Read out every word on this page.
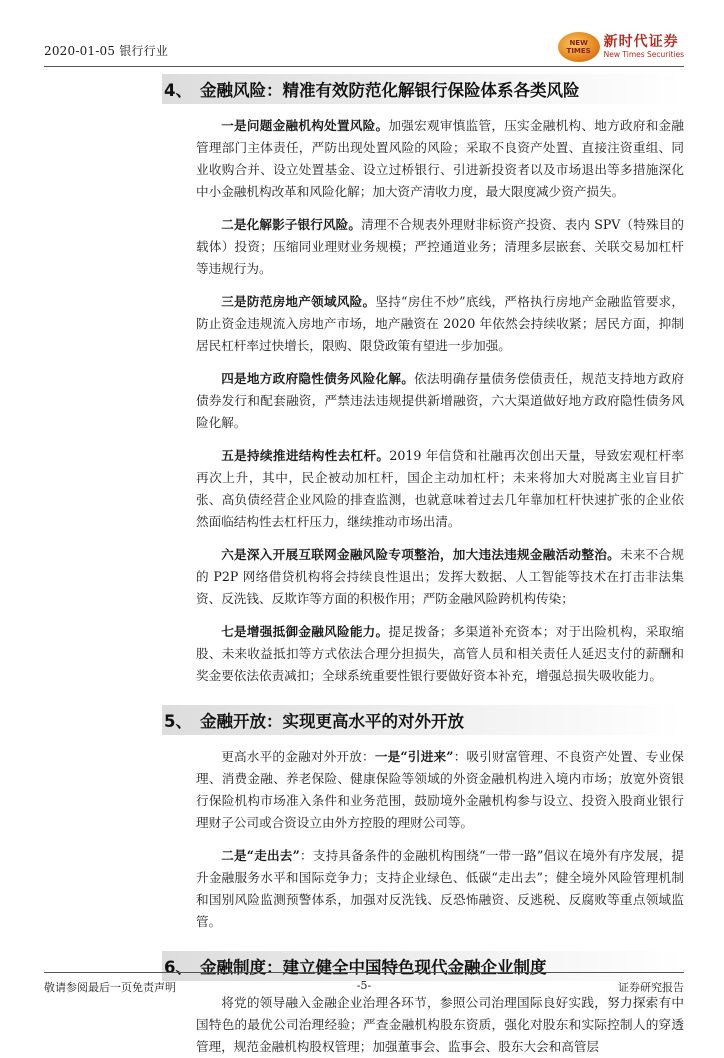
2020-01-05 银行行业
NEW
TIMES
新时代证券
New Times Securities
4、 金融风险：精准有效防范化解银行保险体系各类风险

一是问题金融机构处置风险。加强宏观审慎监管，压实金融机构、地方政府和金融管理部门主体责任，严防出现处置风险的风险；采取不良资产处置、直接注资重组、同业收购合并、设立处置基金、设立过桥银行、引进新投资者以及市场退出等多措施深化中小金融机构改革和风险化解；加大资产清收力度，最大限度减少资产损失。

二是化解影子银行风险。清理不合规表外理财非标资产投资、表内 SPV（特殊目的载体）投资；压缩同业理财业务规模；严控通道业务；清理多层嵌套、关联交易加杠杆等违规行为。

三是防范房地产领域风险。坚持“房住不炒”底线，严格执行房地产金融监管要求，防止资金违规流入房地产市场，地产融资在 2020 年依然会持续收紧；居民方面，抑制居民杠杆率过快增长，限购、限贷政策有望进一步加强。

四是地方政府隐性债务风险化解。依法明确存量债务偿债责任，规范支持地方政府债券发行和配套融资，严禁违法违规提供新增融资，六大渠道做好地方政府隐性债务风险化解。

五是持续推进结构性去杠杆。2019 年信贷和社融再次创出天量，导致宏观杠杆率再次上升，其中，民企被动加杠杆，国企主动加杠杆；未来将加大对脱离主业盲目扩张、高负债经营企业风险的排查监测，也就意味着过去几年靠加杠杆快速扩张的企业依然面临结构性去杠杆压力，继续推动市场出清。

六是深入开展互联网金融风险专项整治，加大违法违规金融活动整治。未来不合规的 P2P 网络借贷机构将会持续良性退出；发挥大数据、人工智能等技术在打击非法集资、反洗钱、反欺诈等方面的积极作用；严防金融风险跨机构传染；

七是增强抵御金融风险能力。提足拨备；多渠道补充资本；对于出险机构，采取缩股、未来收益抵扣等方式依法合理分担损失，高管人员和相关责任人延迟支付的薪酬和奖金要依法依责减扣；全球系统重要性银行要做好资本补充，增强总损失吸收能力。

5、 金融开放：实现更高水平的对外开放

更高水平的金融对外开放：一是“引进来”：吸引财富管理、不良资产处置、专业保理、消费金融、养老保险、健康保险等领域的外资金融机构进入境内市场；放宽外资银行保险机构市场准入条件和业务范围，鼓励境外金融机构参与设立、投资入股商业银行理财子公司或合资设立由外方控股的理财公司等。

二是“走出去”：支持具备条件的金融机构围绕“一带一路”倡议在境外有序发展，提升金融服务水平和国际竞争力；支持企业绿色、低碳“走出去”；健全境外风险管理机制和国别风险监测预警体系，加强对反洗钱、反恐怖融资、反逃税、反腐败等重点领域监管。

6、 金融制度：建立健全中国特色现代金融企业制度

将党的领导融入金融企业治理各环节，参照公司治理国际良好实践，努力探索有中国特色的最优公司治理经验；严查金融机构股东资质，强化对股东和实际控制人的穿透管理，规范金融机构股权管理；加强董事会、监事会、股东大会和高管层

敬请参阅最后一页免责声明	-5-	证券研究报告
